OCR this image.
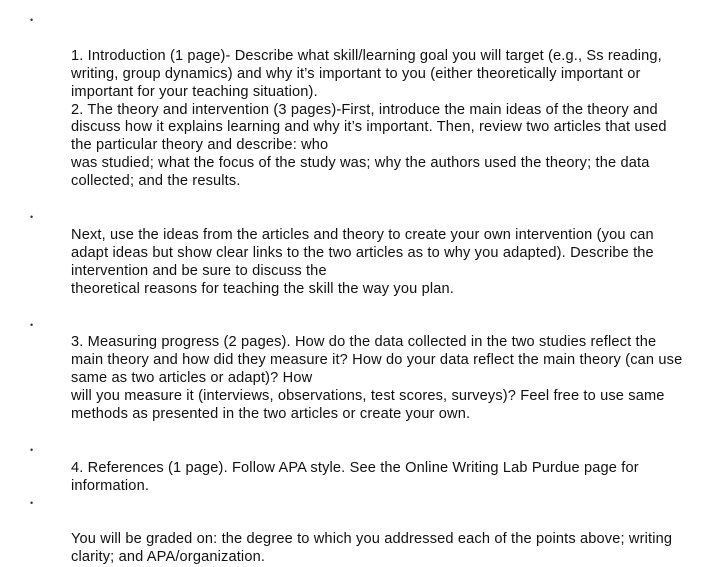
•

1. Introduction (1 page)- Describe what skill/learning goal you will target (e.g., Ss reading, writing, group dynamics) and why it’s important to you (either theoretically important or important for your teaching situation).
2. The theory and intervention (3 pages)-First, introduce the main ideas of the theory and discuss how it explains learning and why it’s important. Then, review two articles that used the particular theory and describe: who
was studied; what the focus of the study was; why the authors used the theory; the data collected; and the results.

•

Next, use the ideas from the articles and theory to create your own intervention (you can adapt ideas but show clear links to the two articles as to why you adapted). Describe the intervention and be sure to discuss the
theoretical reasons for teaching the skill the way you plan.

•

3. Measuring progress (2 pages). How do the data collected in the two studies reflect the main theory and how did they measure it? How do your data reflect the main theory (can use same as two articles or adapt)? How
will you measure it (interviews, observations, test scores, surveys)? Feel free to use same methods as presented in the two articles or create your own.

•

4. References (1 page). Follow APA style. See the Online Writing Lab Purdue page for information.

•

You will be graded on: the degree to which you addressed each of the points above; writing clarity; and APA/organization.
